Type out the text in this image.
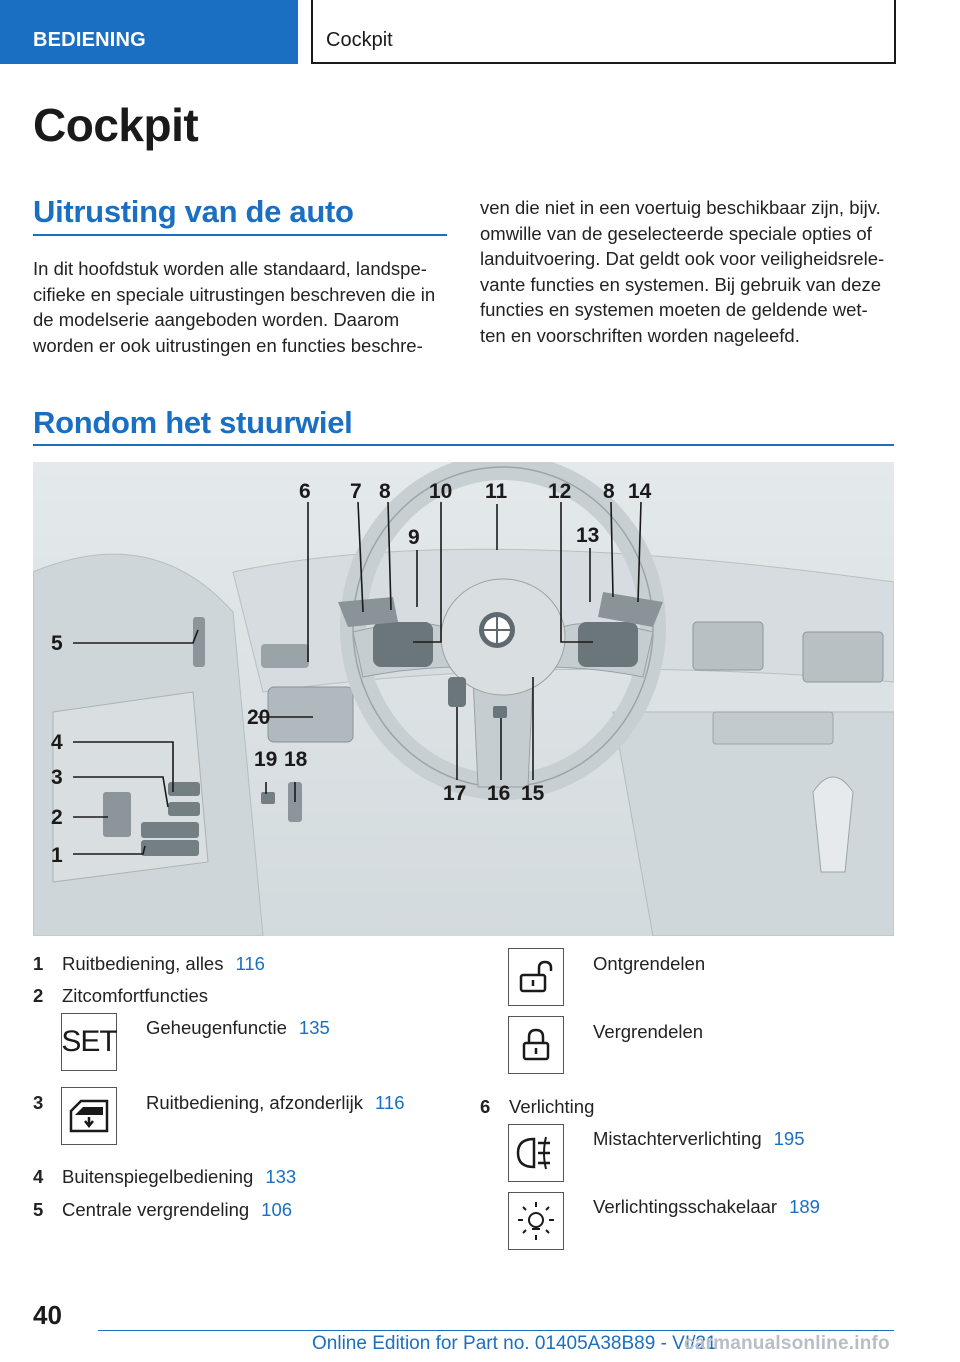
BEDIENING	Cockpit
Cockpit
Uitrusting van de auto
In dit hoofdstuk worden alle standaard, landspe-
cifieke en speciale uitrustingen beschreven die in
de modelserie aangeboden worden. Daarom
worden er ook uitrustingen en functies beschre-
ven die niet in een voertuig beschikbaar zijn, bijv.
omwille van de geselecteerde speciale opties of
landuitvoering. Dat geldt ook voor veiligheidsrele-
vante functies en systemen. Bij gebruik van deze
functies en systemen moeten de geldende wet-
ten en voorschriften worden nageleefd.
Rondom het stuurwiel
5
4
3
2
1
6 7 8
9
10 11 12
13
8 14
15
16
17
18
19
20
1 Ruitbediening, alles 116
2 Zitcomfortfuncties
SET Geheugenfunctie 135
3	Ruitbediening, afzonderlijk 116
4 Buitenspiegelbediening 133
5 Centrale vergrendeling 106
Ontgrendelen
Vergrendelen
6 Verlichting
Mistachterverlichting 195
Verlichtingsschakelaar 189
40
Online Edition for Part no. 01405A38B89 - VI/21
carmanualsonline.info
